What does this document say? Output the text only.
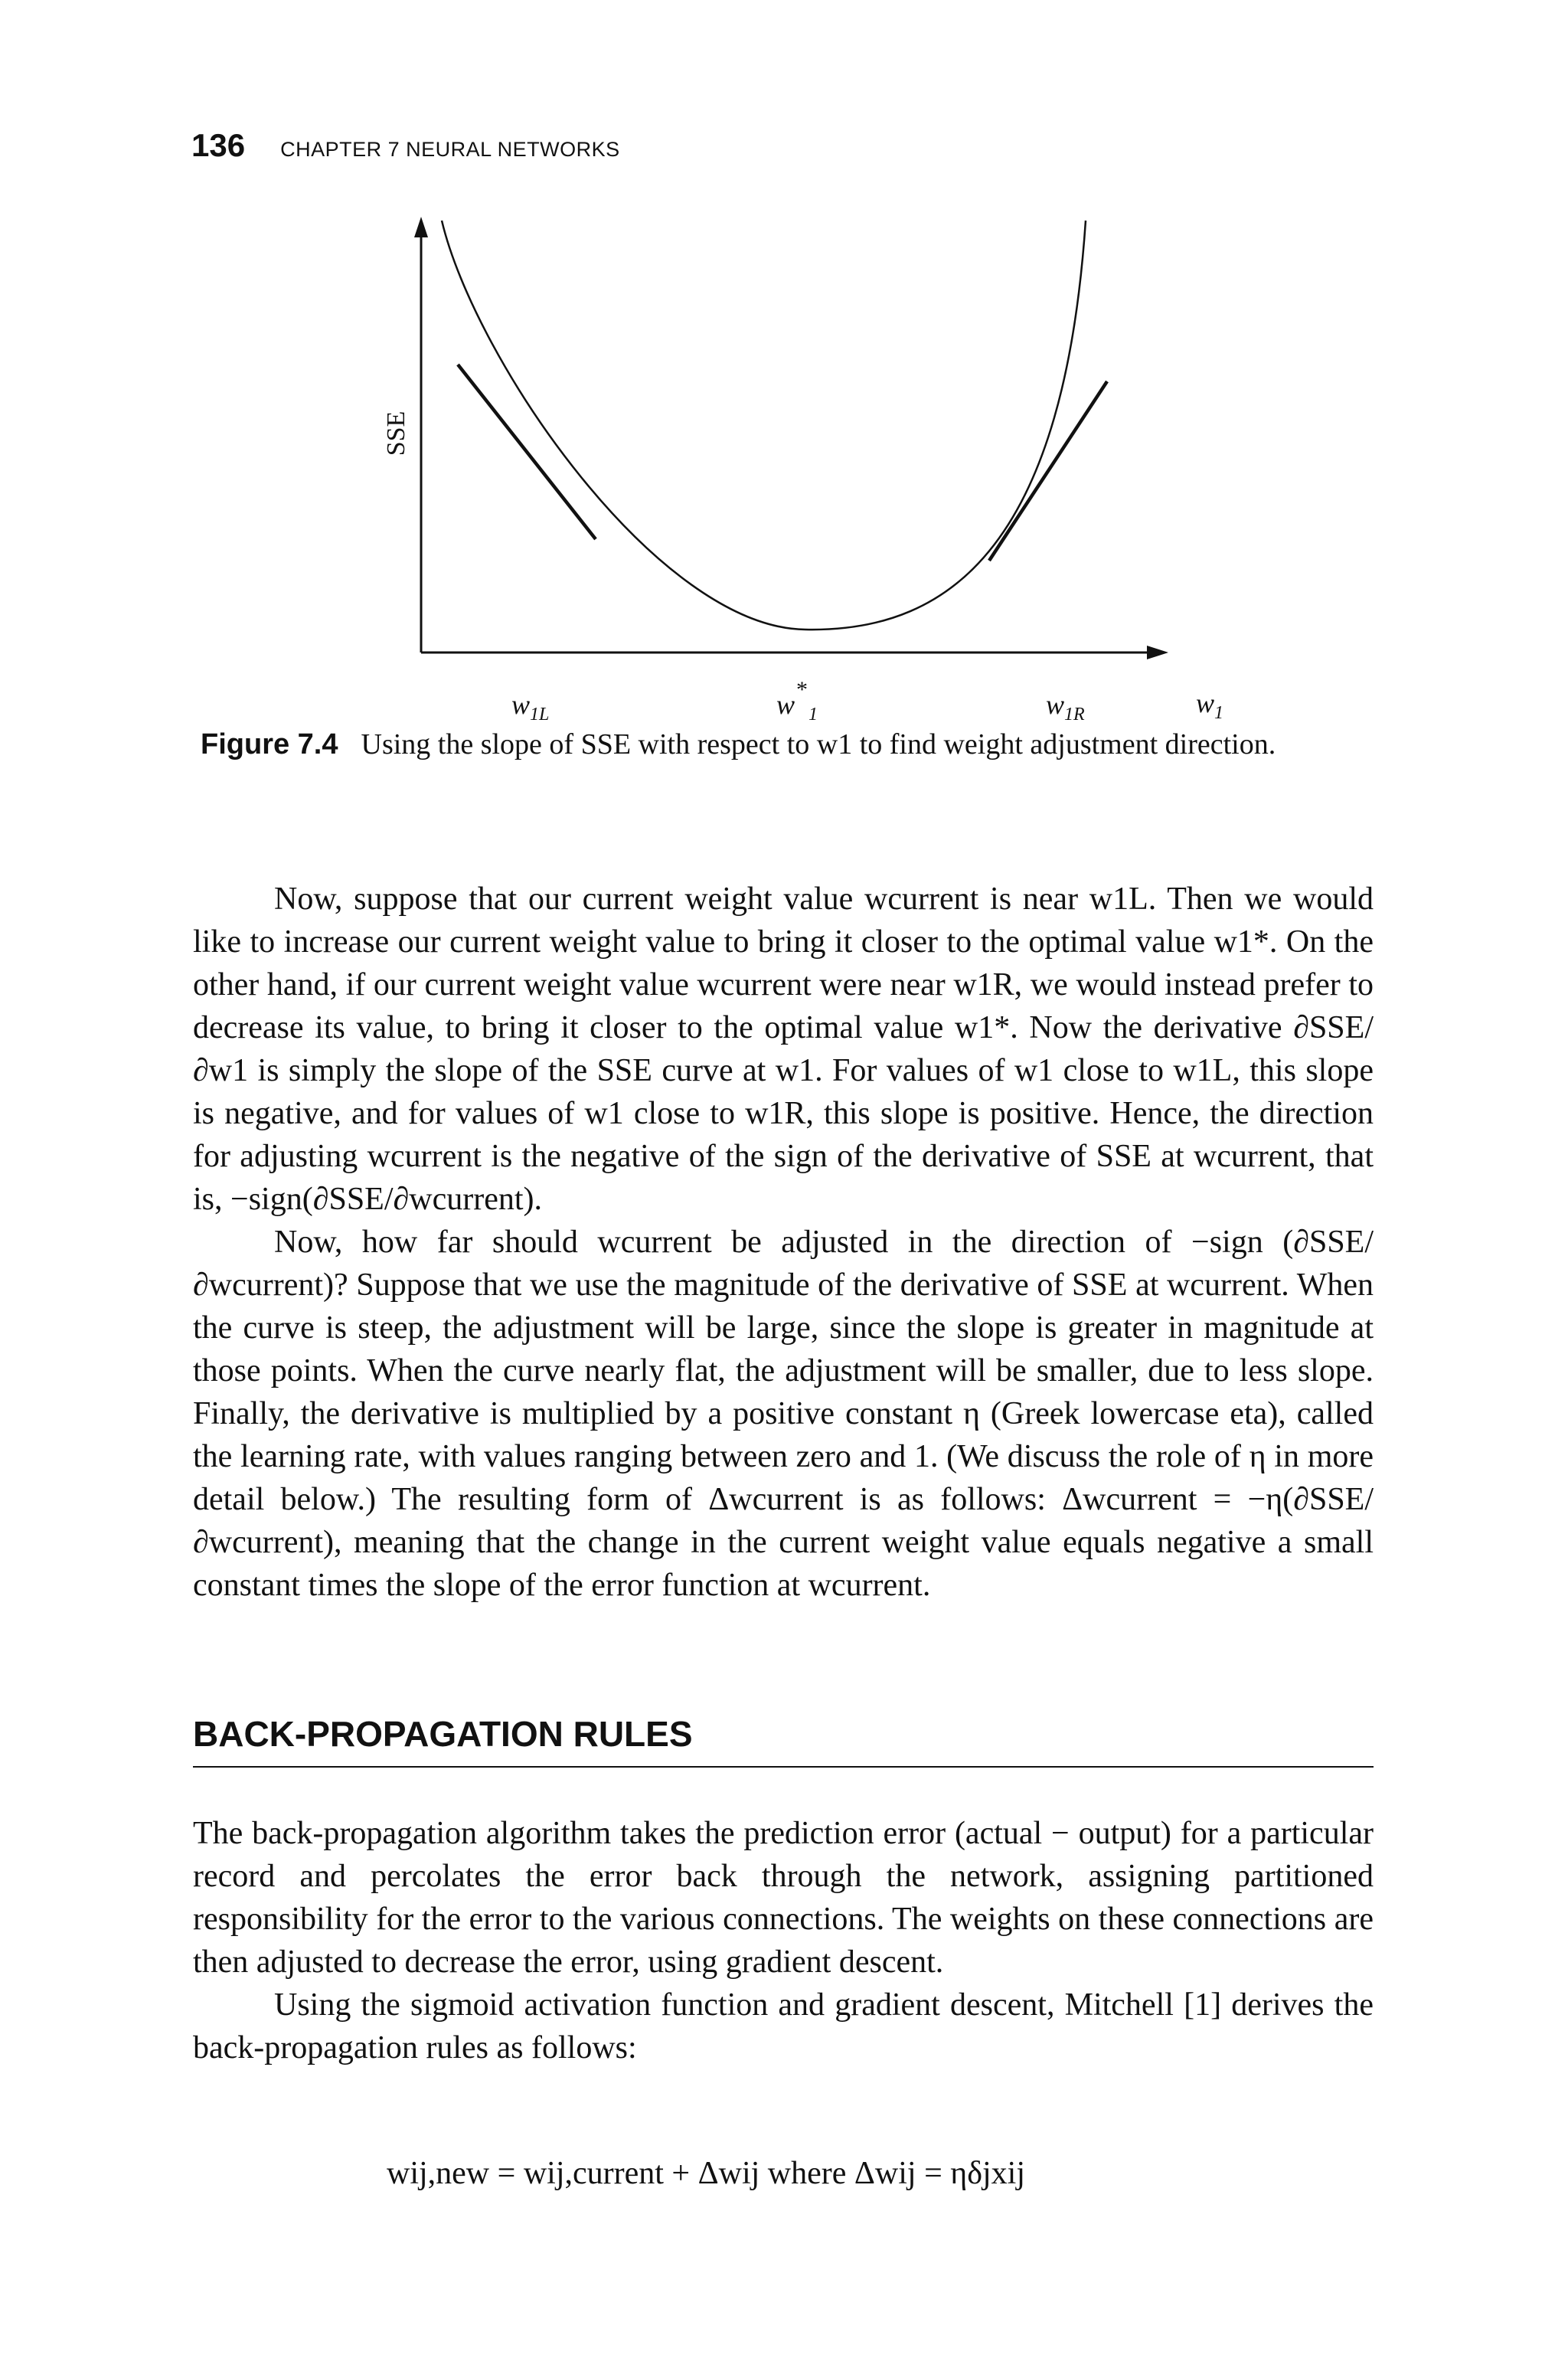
136 CHAPTER 7 NEURAL NETWORKS
SSE
$w_{1L}$
*
w $_1$	$w_{1R}$	$w_1$
Figure 7.4 Using the slope of SSE with respect to w1 to find weight adjustment direction.

Now, suppose that our current weight value wcurrent is near w1L. Then we would like to increase our current weight value to bring it closer to the optimal value w1*. On the other hand, if our current weight value wcurrent were near w1R, we would instead prefer to decrease its value, to bring it closer to the optimal value w1*. Now the derivative ∂SSE/∂w1 is simply the slope of the SSE curve at w1. For values of w1 close to w1L, this slope is negative, and for values of w1 close to w1R, this slope is positive. Hence, the direction for adjusting wcurrent is the negative of the sign of the derivative of SSE at wcurrent, that is, −sign(∂SSE/∂wcurrent).

Now, how far should wcurrent be adjusted in the direction of −sign (∂SSE/ ∂wcurrent)? Suppose that we use the magnitude of the derivative of SSE at wcurrent. When the curve is steep, the adjustment will be large, since the slope is greater in magnitude at those points. When the curve nearly flat, the adjustment will be smaller, due to less slope. Finally, the derivative is multiplied by a positive constant η (Greek lowercase eta), called the learning rate, with values ranging between zero and 1. (We discuss the role of η in more detail below.) The resulting form of Δwcurrent is as follows: Δwcurrent = −η(∂SSE/∂wcurrent), meaning that the change in the current weight value equals negative a small constant times the slope of the error function at wcurrent.

BACK-PROPAGATION RULES

The back-propagation algorithm takes the prediction error (actual − output) for a particular record and percolates the error back through the network, assigning partitioned responsibility for the error to the various connections. The weights on these connections are then adjusted to decrease the error, using gradient descent.

Using the sigmoid activation function and gradient descent, Mitchell [1] derives the back-propagation rules as follows:

wij,new = wij,current + Δwij where Δwij = ηδjxij
